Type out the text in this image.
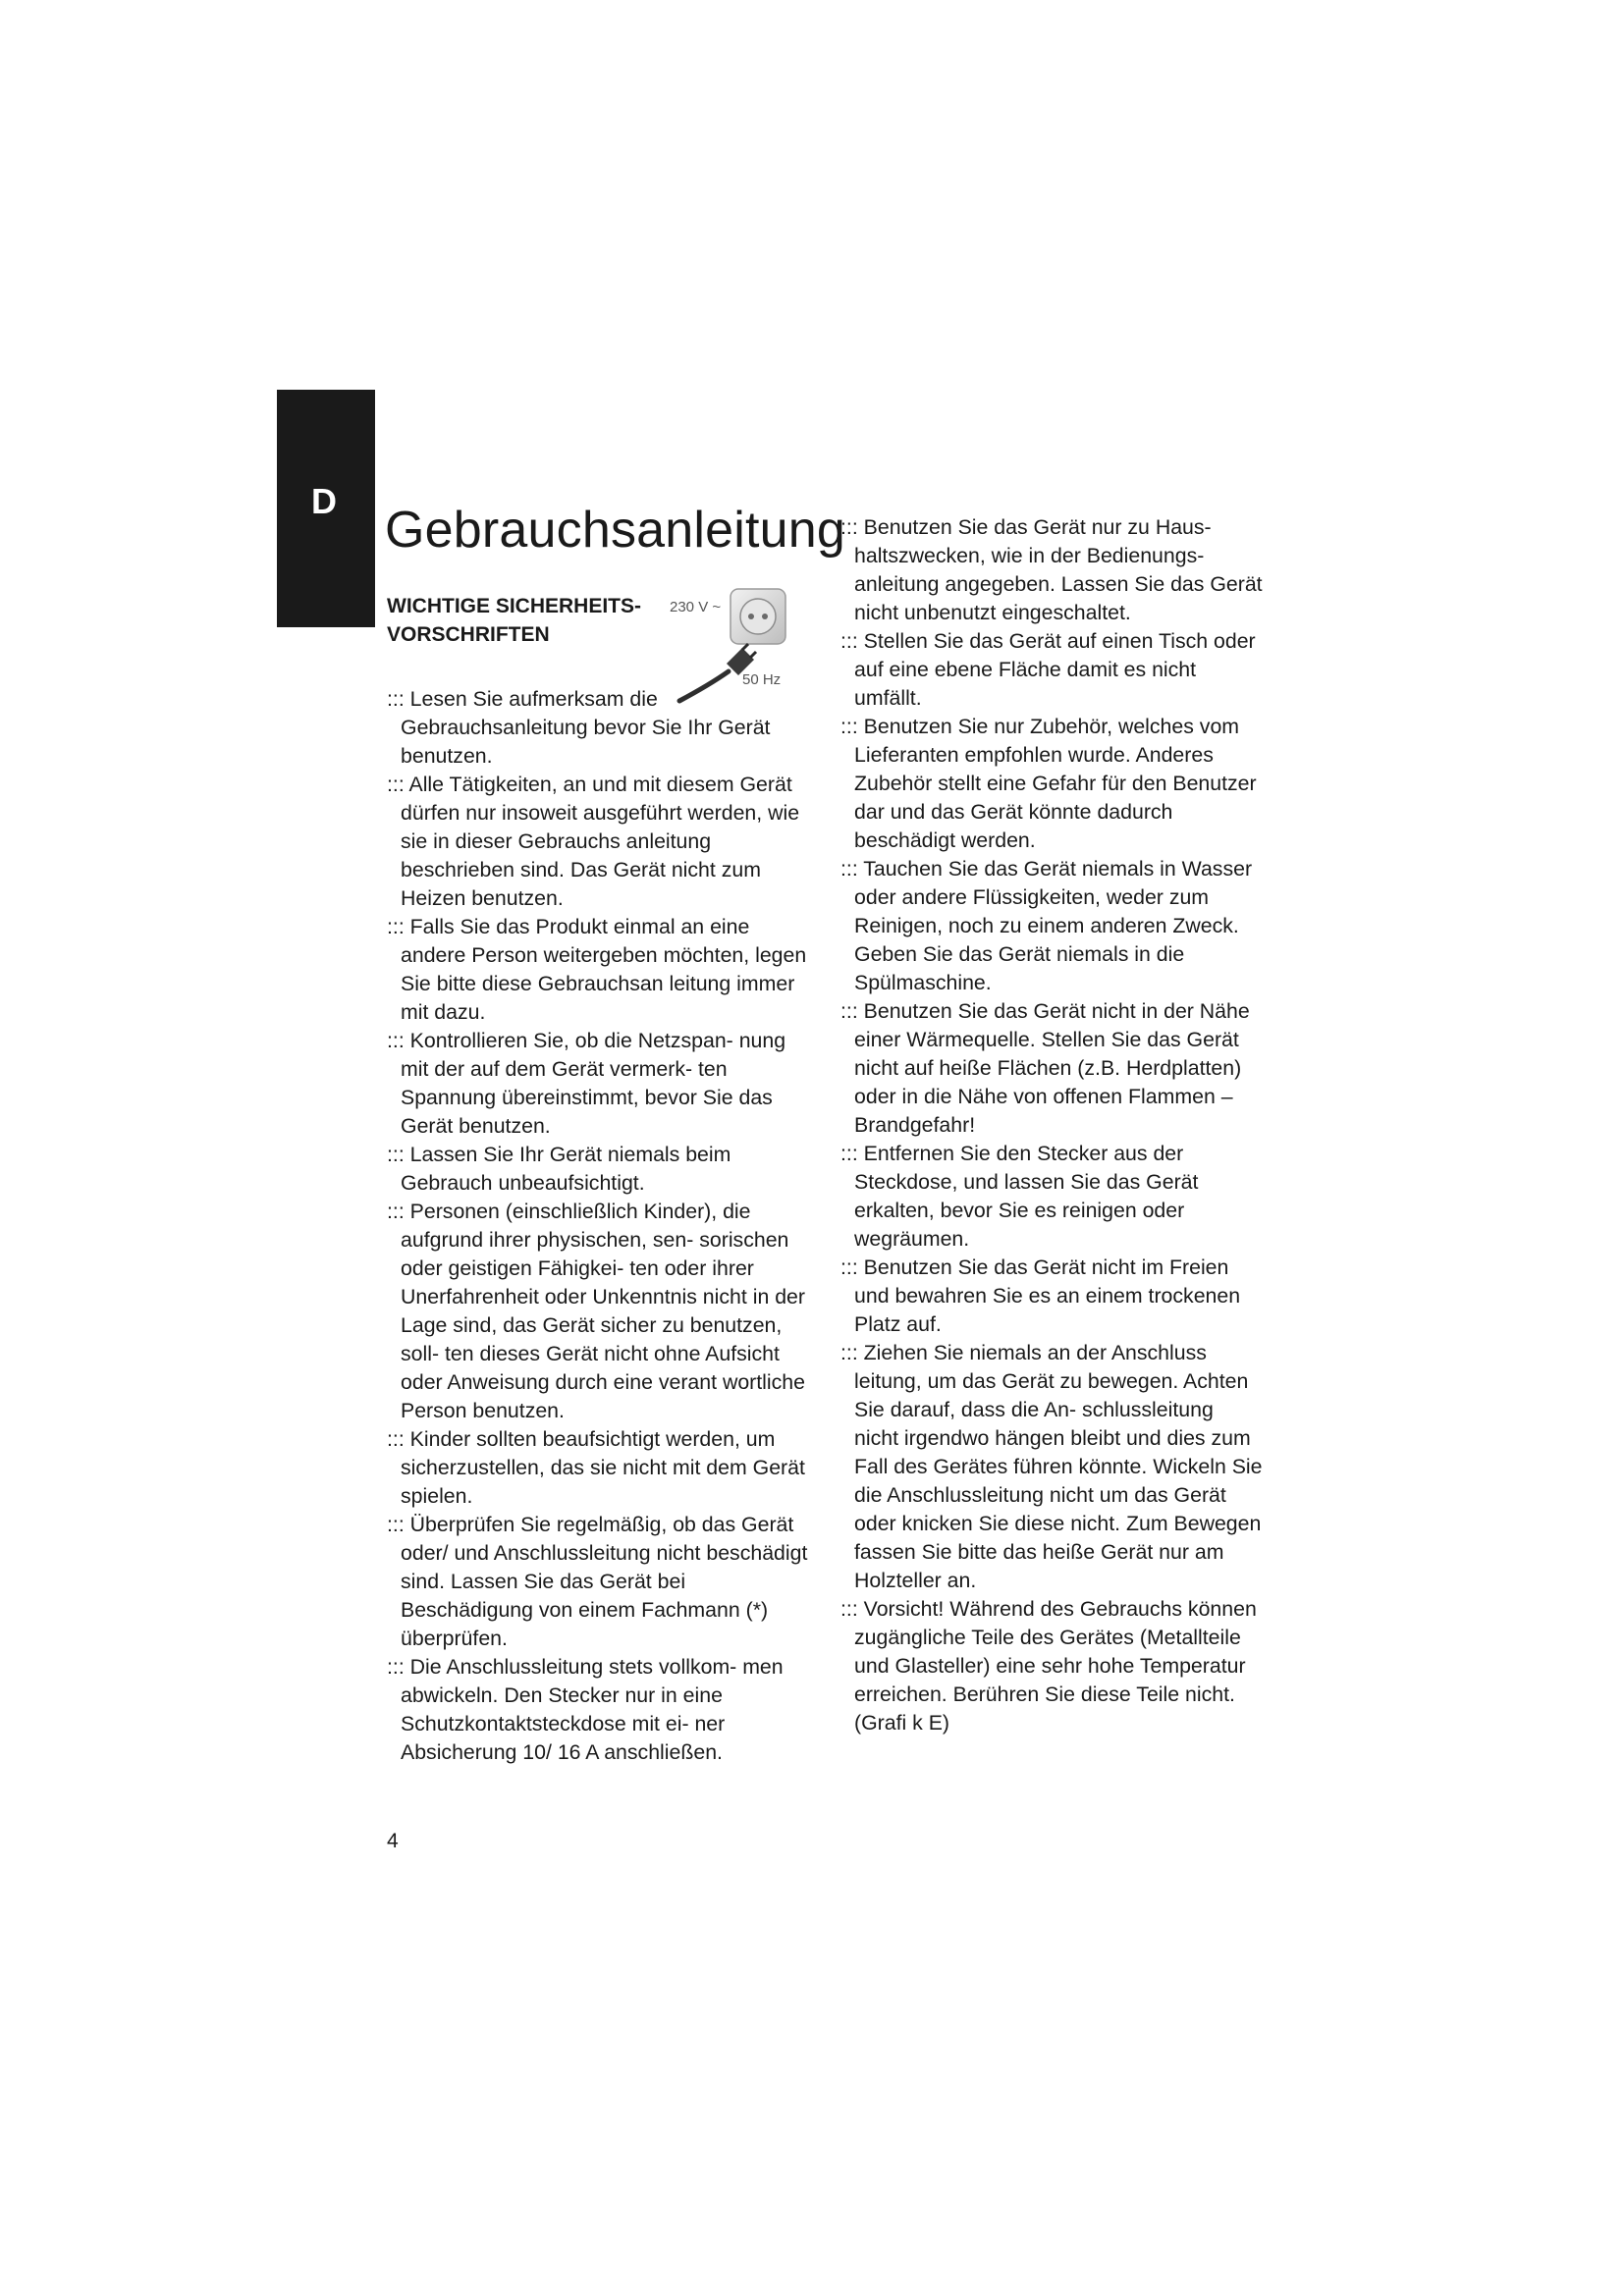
D
Gebrauchsanleitung
WICHTIGE SICHERHEITS- VORSCHRIFTEN
230 V ~
50 Hz

::: Lesen Sie aufmerksam die Gebrauchsanleitung bevor Sie Ihr Gerät benutzen.

::: Alle Tätigkeiten, an und mit diesem Gerät dürfen nur insoweit ausgeführt werden, wie sie in dieser Gebrauchs anleitung beschrieben sind. Das Gerät nicht zum Heizen benutzen.

::: Falls Sie das Produkt einmal an eine andere Person weitergeben möchten, legen Sie bitte diese Gebrauchsan leitung immer mit dazu.

::: Kontrollieren Sie, ob die Netzspan- nung mit der auf dem Gerät vermerk- ten Spannung übereinstimmt, bevor Sie das Gerät benutzen.

::: Lassen Sie Ihr Gerät niemals beim Gebrauch unbeaufsichtigt.

::: Personen (einschließlich Kinder), die aufgrund ihrer physischen, sen- sorischen oder geistigen Fähigkei- ten oder ihrer Unerfahrenheit oder Unkenntnis nicht in der Lage sind, das Gerät sicher zu benutzen, soll- ten dieses Gerät nicht ohne Aufsicht oder Anweisung durch eine verant wortliche Person benutzen.

::: Kinder sollten beaufsichtigt werden, um sicherzustellen, das sie nicht mit dem Gerät spielen.

::: Überprüfen Sie regelmäßig, ob das Gerät oder/ und Anschlussleitung nicht beschädigt sind. Lassen Sie das Gerät bei Beschädigung von einem Fachmann (*) überprüfen.

::: Die Anschlussleitung stets vollkom- men abwickeln. Den Stecker nur in eine Schutzkontaktsteckdose mit ei- ner Absicherung 10/ 16 A anschließen.

::: Benutzen Sie das Gerät nur zu Haus- haltszwecken, wie in der Bedienungs- anleitung angegeben. Lassen Sie das Gerät nicht unbenutzt eingeschaltet.

::: Stellen Sie das Gerät auf einen Tisch oder auf eine ebene Fläche damit es nicht umfällt.

::: Benutzen Sie nur Zubehör, welches vom Lieferanten empfohlen wurde. Anderes Zubehör stellt eine Gefahr für den Benutzer dar und das Gerät könnte dadurch beschädigt werden.

::: Tauchen Sie das Gerät niemals in Wasser oder andere Flüssigkeiten, weder zum Reinigen, noch zu einem anderen Zweck. Geben Sie das Gerät niemals in die Spülmaschine.

::: Benutzen Sie das Gerät nicht in der Nähe einer Wärmequelle. Stellen Sie das Gerät nicht auf heiße Flächen (z.B. Herdplatten) oder in die Nähe von offenen Flammen – Brandgefahr!

::: Entfernen Sie den Stecker aus der Steckdose, und lassen Sie das Gerät erkalten, bevor Sie es reinigen oder wegräumen.

::: Benutzen Sie das Gerät nicht im Freien und bewahren Sie es an einem trockenen Platz auf.

::: Ziehen Sie niemals an der Anschluss leitung, um das Gerät zu bewegen. Achten Sie darauf, dass die An- schlussleitung nicht irgendwo hängen bleibt und dies zum Fall des Gerätes führen könnte. Wickeln Sie die Anschlussleitung nicht um das Gerät oder knicken Sie diese nicht. Zum Bewegen fassen Sie bitte das heiße Gerät nur am Holzteller an.

::: Vorsicht! Während des Gebrauchs können zugängliche Teile des Gerätes (Metallteile und Glasteller) eine sehr hohe Temperatur erreichen. Berühren Sie diese Teile nicht. (Grafi k E)

4
